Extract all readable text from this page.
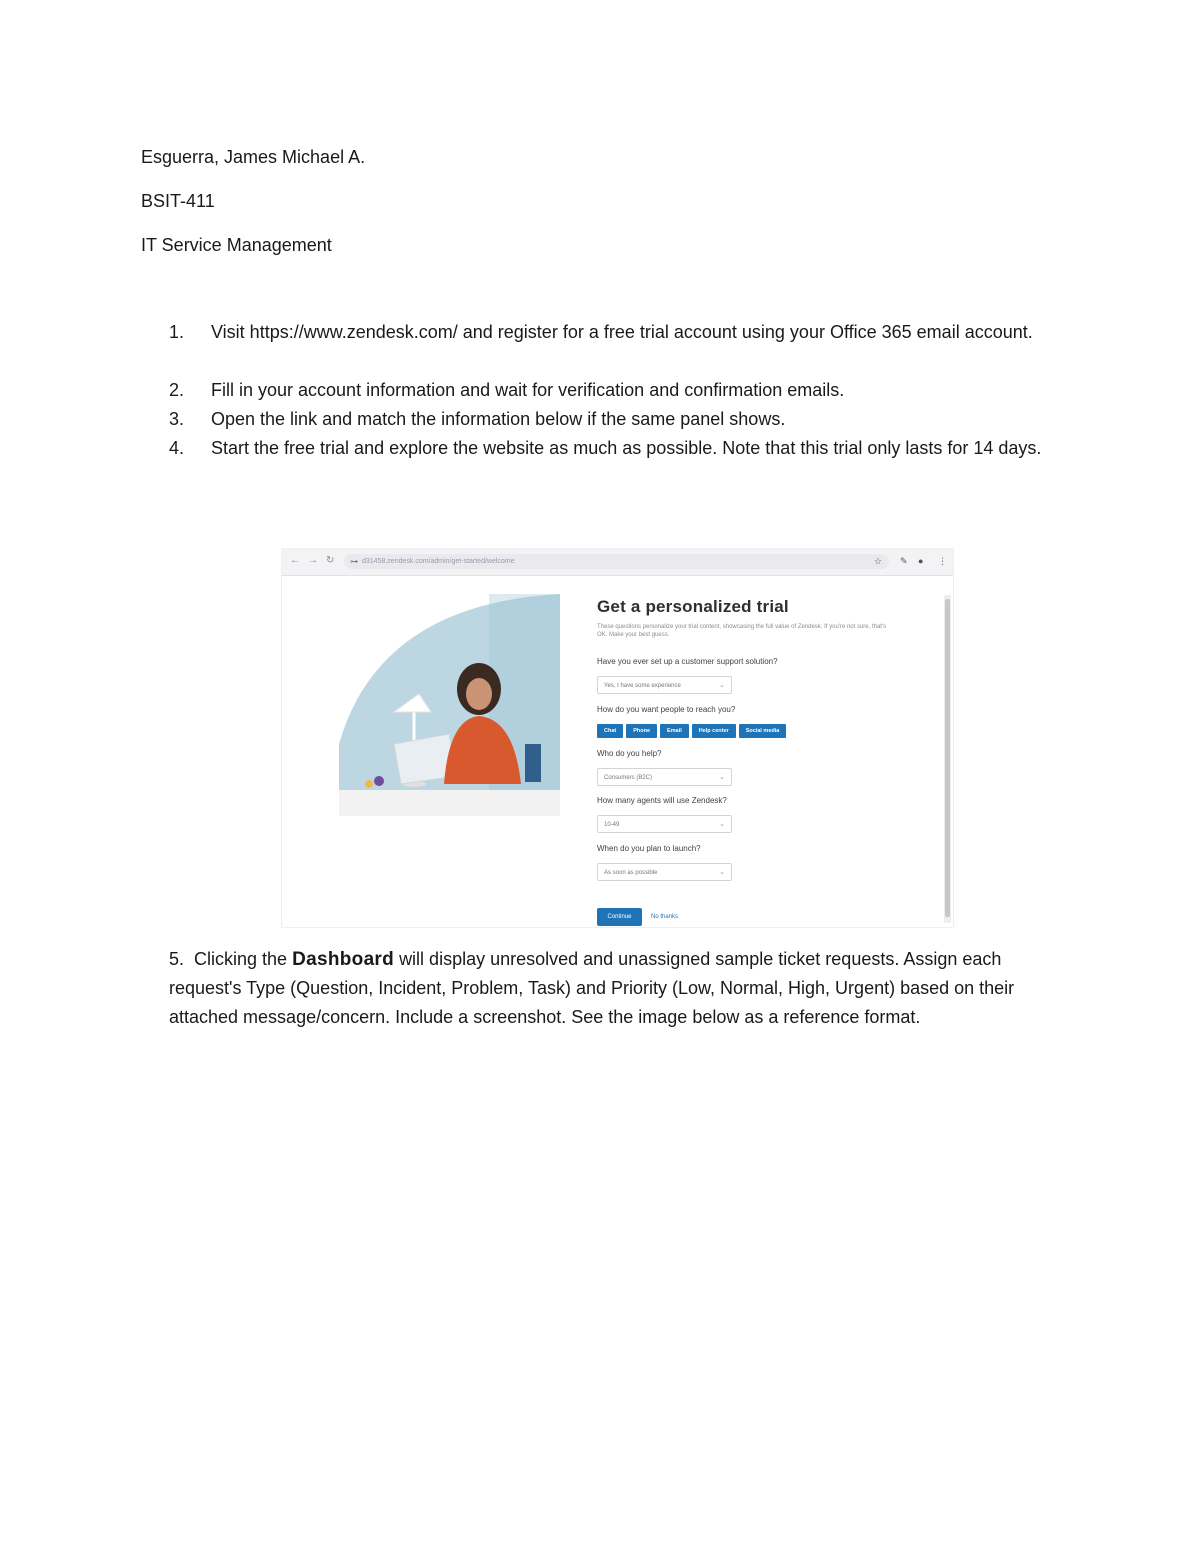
Esguerra, James Michael A.
BSIT-411
IT Service Management
1. Visit https://www.zendesk.com/ and register for a free trial account using your Office 365 email account.
2. Fill in your account information and wait for verification and confirmation emails.
3. Open the link and match the information below if the same panel shows.
4. Start the free trial and explore the website as much as possible. Note that this trial only lasts for 14 days.
← → ↻ ⊶ d31458.zendesk.com/admin/get-started/welcome	☆ ✎ ● ⋮
Get a personalized trial
These questions personalize your trial content, showcasing the full value of Zendesk. If you're not sure, that's OK. Make your best guess.
Have you ever set up a customer support solution?
Yes, I have some experience	⌄
How do you want people to reach you?
Chat	Phone	Email	Help center	Social media
Who do you help?
Consumers (B2C)	⌄
How many agents will use Zendesk?
10-49	⌄
When do you plan to launch?
As soon as possible	⌄
Continue	No thanks
5. Clicking the Dashboard will display unresolved and unassigned sample ticket requests. Assign each request's Type (Question, Incident, Problem, Task) and Priority (Low, Normal, High, Urgent) based on their attached message/concern. Include a screenshot. See the image below as a reference format.
